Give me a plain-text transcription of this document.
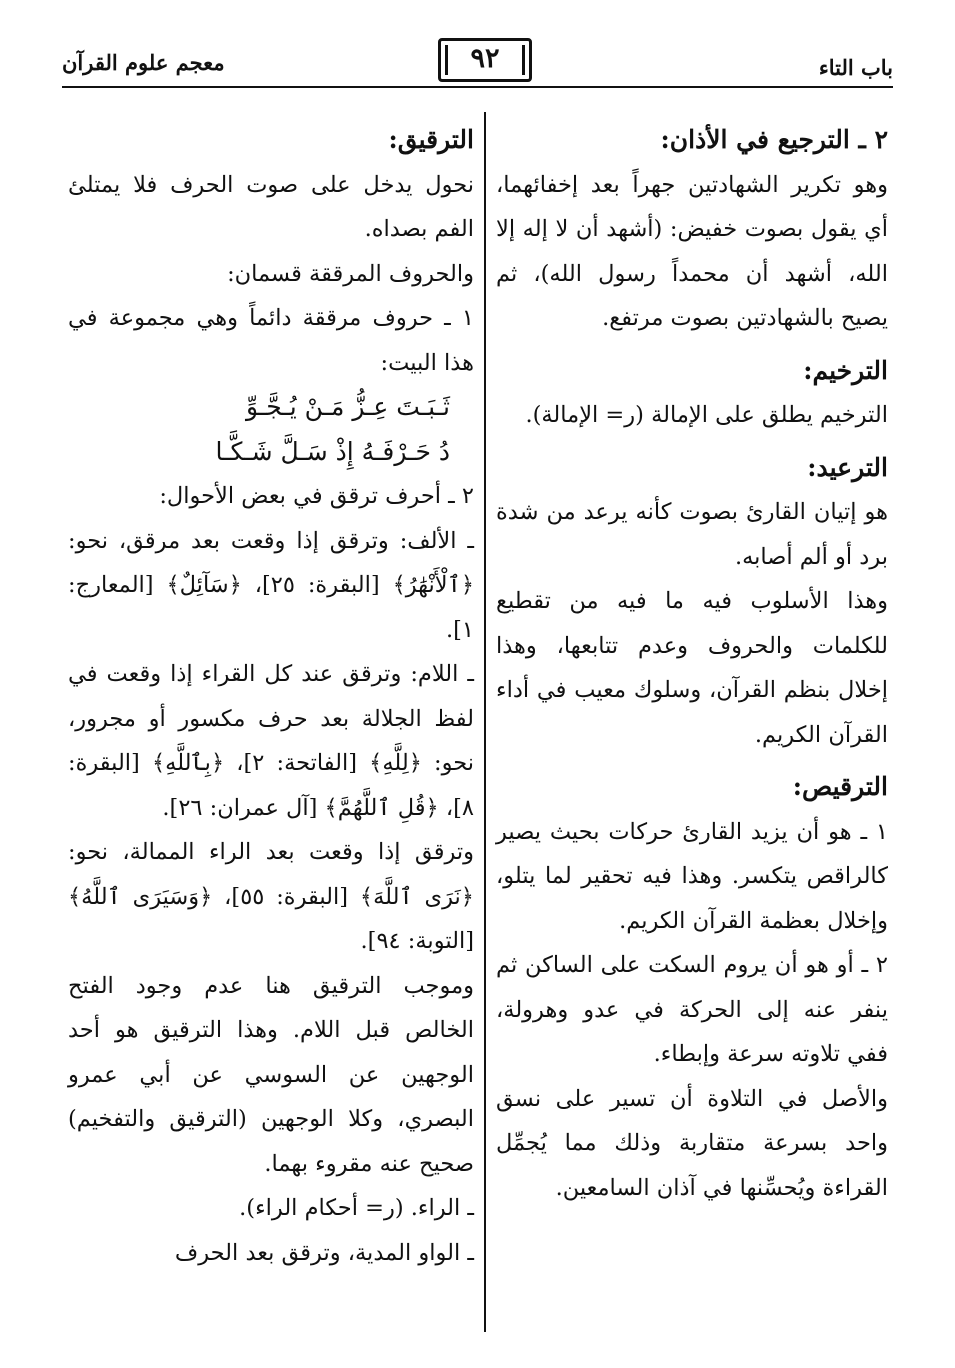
معجم علوم القرآن	٩٢	باب التاء

٢ ـ الترجيع في الأذان:

وهو تكرير الشهادتين جهراً بعد إخفائهما، أي يقول بصوت خفيض: (أشهد أن لا إله إلا الله، أشهد أن محمداً رسول الله)، ثم يصيح بالشهادتين بصوت مرتفع.

الترخيم:

الترخيم يطلق على الإمالة (ر= الإمالة).

الترعيد:

هو إتيان القارئ بصوت كأنه يرعد من شدة برد أو ألم أصابه.

وهذا الأسلوب فيه ما فيه من تقطيع للكلمات والحروف وعدم تتابعها، وهذا إخلال بنظم القرآن، وسلوك معيب في أداء القرآن الكريم.

الترقيص:

١ ـ هو أن يزيد القارئ حركات بحيث يصير كالراقص يتكسر. وهذا فيه تحقير لما يتلو، وإخلال بعظمة القرآن الكريم.

٢ ـ أو هو أن يروم السكت على الساكن ثم ينفر عنه إلى الحركة في عدو وهرولة، ففي تلاوته سرعة وإبطاء.

والأصل في التلاوة أن تسير على نسق واحد بسرعة متقاربة وذلك مما يُجمِّل القراءة ويُحسِّنها في آذان السامعين.

الترقيق:

نحول يدخل على صوت الحرف فلا يمتلئ الفم بصداه.

والحروف المرققة قسمان:

١ ـ حروف مرققة دائماً وهي مجموعة في هذا البيت:

ثَـبَـتَ عِـزُّ مَـنْ يُـجَّـوِّ

دُ حَـرْفَـهُ إِذْ سَـلَّ شَـكَّـا

٢ ـ أحرف ترقق في بعض الأحوال:

ـ الألف: وترقق إذا وقعت بعد مرقق، نحو: ﴿ٱلْأَنْهَٰرُ﴾ [البقرة: ٢٥]، ﴿سَآئِلٌ﴾ [المعارج: ١].

ـ اللام: وترقق عند كل القراء إذا وقعت في لفظ الجلالة بعد حرف مكسور أو مجرور، نحو: ﴿لِلَّهِ﴾ [الفاتحة: ٢]، ﴿بِٱللَّهِ﴾ [البقرة: ٨]، ﴿قُلِ ٱللَّهُمَّ﴾ [آل عمران: ٢٦].

وترقق إذا وقعت بعد الراء الممالة، نحو: ﴿نَرَى ٱللَّهَ﴾ [البقرة: ٥٥]، ﴿وَسَيَرَى ٱللَّهُ﴾ [التوبة: ٩٤].

وموجب الترقيق هنا عدم وجود الفتح الخالص قبل اللام. وهذا الترقيق هو أحد الوجهين عن السوسي عن أبي عمرو البصري، وكلا الوجهين (الترقيق والتفخيم) صحيح عنه مقروء بهما.

ـ الراء. (ر= أحكام الراء).

ـ الواو المدية، وترقق بعد الحرف
